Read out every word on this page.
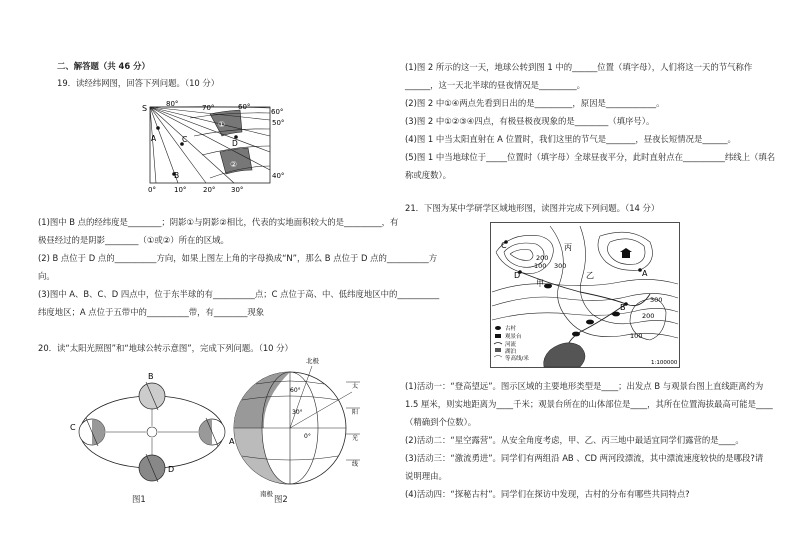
二、解答题（共 46 分）
19．读经纬网图，回答下列问题。（10 分）
S	80°	70°	60°
60°
50°
40°
0°	10° 20° 30°
A
B
C	D
①
②
(1)图中 B 点的经纬度是________；阴影①与阴影②相比，代表的实地面积较大的是_________，有
极昼经过的是阴影________（①或②）所在的区域。
(2) B 点位于 D 点的__________方向，如果上图左上角的字母换成“N”，那么 B 点位于 D 点的__________方
向。
(3)图中 A、B、C、D 四点中，位于东半球的有__________点；C 点位于高、中、低纬度地区中的__________
纬度地区；A 点位于五带中的__________带，有________现象
20．读“太阳光照图”和“地球公转示意图”，完成下列问题。（10 分）
B
C
A
D
图1
北极
南极
60°
30°
0°
太
阳
光
线
图2
(1)图 2 所示的这一天，地球公转到图 1 中的______位置（填字母），人们将这一天的节气称作
______，这一天北半球的昼夜情况是_________。
(2)图 2 中①④两点先看到日出的是_________，原因是____________。
(3)图 2 中①②③④四点，有极昼极夜现象的是________（填序号）。
(4)图 1 中当太阳直射在 A 位置时，我们这里的节气是_______，昼夜长短情况是______。
(5)图 1 中当地球位于_____位置时（填字母）全球昼夜平分，此时直射点在__________纬线上（填名
称或度数）。
21．下图为某中学研学区域地形图，读图并完成下列问题。（14 分）
C
A
B
D
丙
甲
乙
200
100
300
200
100
300
1:100000
古村
观景台
河流
湖泊
等高线/米
(1)活动一：“登高望远”。图示区域的主要地形类型是____；出发点 B 与观景台图上直线距离约为
1.5 厘米，则实地距离为____千米；观景台所在的山体部位是____，其所在位置海拔最高可能是____
（精确到个位数）。
(2)活动二：“星空露营”。从安全角度考虑，甲、乙、丙三地中最适宜同学们露营的是____。
(3)活动三：“激流勇进”。同学们有两组沿 AB 、CD 两河段漂流，其中漂流速度较快的是哪段?请
说明理由。
(4)活动四：“探秘古村”。同学们在探访中发现，古村的分布有哪些共同特点?
